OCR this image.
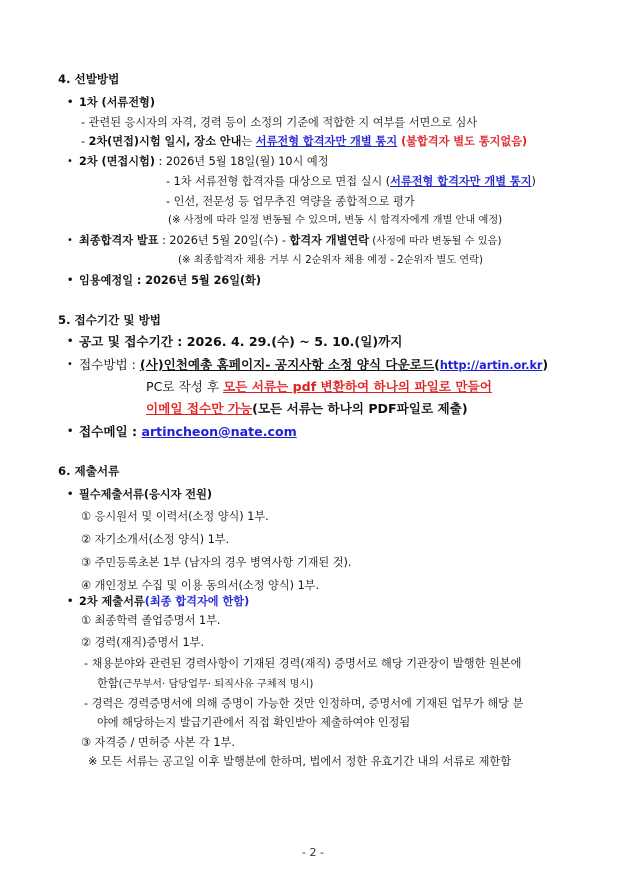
4. 선발방법
• 1차 (서류전형)
- 관련된 응시자의 자격, 경력 등이 소정의 기준에 적합한 지 여부를 서면으로 심사
- 2차(면접)시험 일시, 장소 안내는 서류전형 합격자만 개별 통지 (불합격자 별도 통지없음)
• 2차 (면접시험) : 2026년 5월 18일(월) 10시 예정
- 1차 서류전형 합격자를 대상으로 면접 실시 (서류전형 합격자만 개별 통지)
- 인선, 전문성 등 업무추진 역량을 종합적으로 평가
(※ 사정에 따라 일정 변동될 수 있으며, 변동 시 합격자에게 개별 안내 예정)
• 최종합격자 발표 : 2026년 5월 20일(수) - 합격자 개별연락 (사정에 따라 변동될 수 있음)
(※ 최종합격자 채용 거부 시 2순위자 채용 예정 - 2순위자 별도 연락)
• 임용예정일 : 2026년 5월 26일(화)
5. 접수기간 및 방법
• 공고 및 접수기간 : 2026. 4. 29.(수) ~ 5. 10.(일)까지
• 접수방법 : (사)인천예총 홈페이지- 공지사항 소정 양식 다운로드(http://artin.or.kr)
PC로 작성 후 모든 서류는 pdf 변환하여 하나의 파일로 만들어
이메일 접수만 가능(모든 서류는 하나의 PDF파일로 제출)
• 접수메일 : artincheon@nate.com
6. 제출서류
• 필수제출서류(응시자 전원)
① 응시원서 및 이력서(소정 양식) 1부.
② 자기소개서(소정 양식) 1부.
③ 주민등록초본 1부 (남자의 경우 병역사항 기재된 것).
④ 개인정보 수집 및 이용 동의서(소정 양식) 1부.
• 2차 제출서류(최종 합격자에 한함)
① 최종학력 졸업증명서 1부.
② 경력(재직)증명서 1부.
- 채용분야와 관련된 경력사항이 기재된 경력(재직) 증명서로 해당 기관장이 발행한 원본에
한함(근무부서· 담당업무· 퇴직사유 구체적 명시)
- 경력은 경력증명서에 의해 증명이 가능한 것만 인정하며, 증명서에 기재된 업무가 해당 분
야에 해당하는지 발급기관에서 직접 확인받아 제출하여야 인정됨
③ 자격증 / 면허증 사본 각 1부.
※ 모든 서류는 공고일 이후 발행분에 한하며, 법에서 정한 유효기간 내의 서류로 제한함
- 2 -
